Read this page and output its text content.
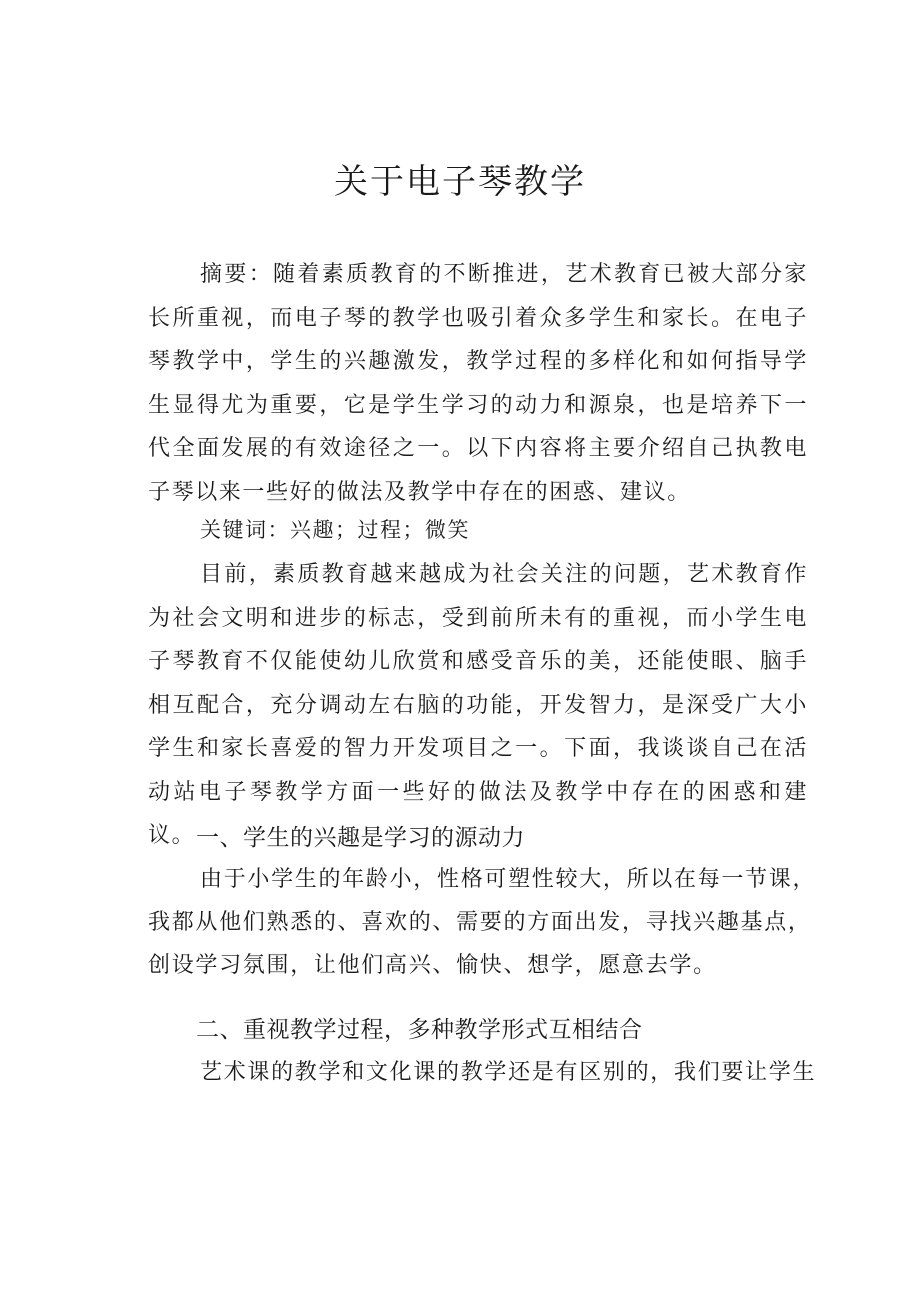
关于电子琴教学

摘要：随着素质教育的不断推进，艺术教育已被大部分家长所重视，而电子琴的教学也吸引着众多学生和家长。在电子琴教学中，学生的兴趣激发，教学过程的多样化和如何指导学生显得尤为重要，它是学生学习的动力和源泉，也是培养下一代全面发展的有效途径之一。以下内容将主要介绍自己执教电子琴以来一些好的做法及教学中存在的困惑、建议。

关键词：兴趣；过程；微笑

目前，素质教育越来越成为社会关注的问题，艺术教育作为社会文明和进步的标志，受到前所未有的重视，而小学生电子琴教育不仅能使幼儿欣赏和感受音乐的美，还能使眼、脑手相互配合，充分调动左右脑的功能，开发智力，是深受广大小学生和家长喜爱的智力开发项目之一。下面，我谈谈自己在活动站电子琴教学方面一些好的做法及教学中存在的困惑和建议。 一、学生的兴趣是学习的源动力

由于小学生的年龄小，性格可塑性较大，所以在每一节课，

我都从他们熟悉的、喜欢的、需要的方面出发，寻找兴趣基点，

创设学习氛围，让他们高兴、愉快、想学，愿意去学。

二、重视教学过程，多种教学形式互相结合

艺术课的教学和文化课的教学还是有区别的，我们要让学生
